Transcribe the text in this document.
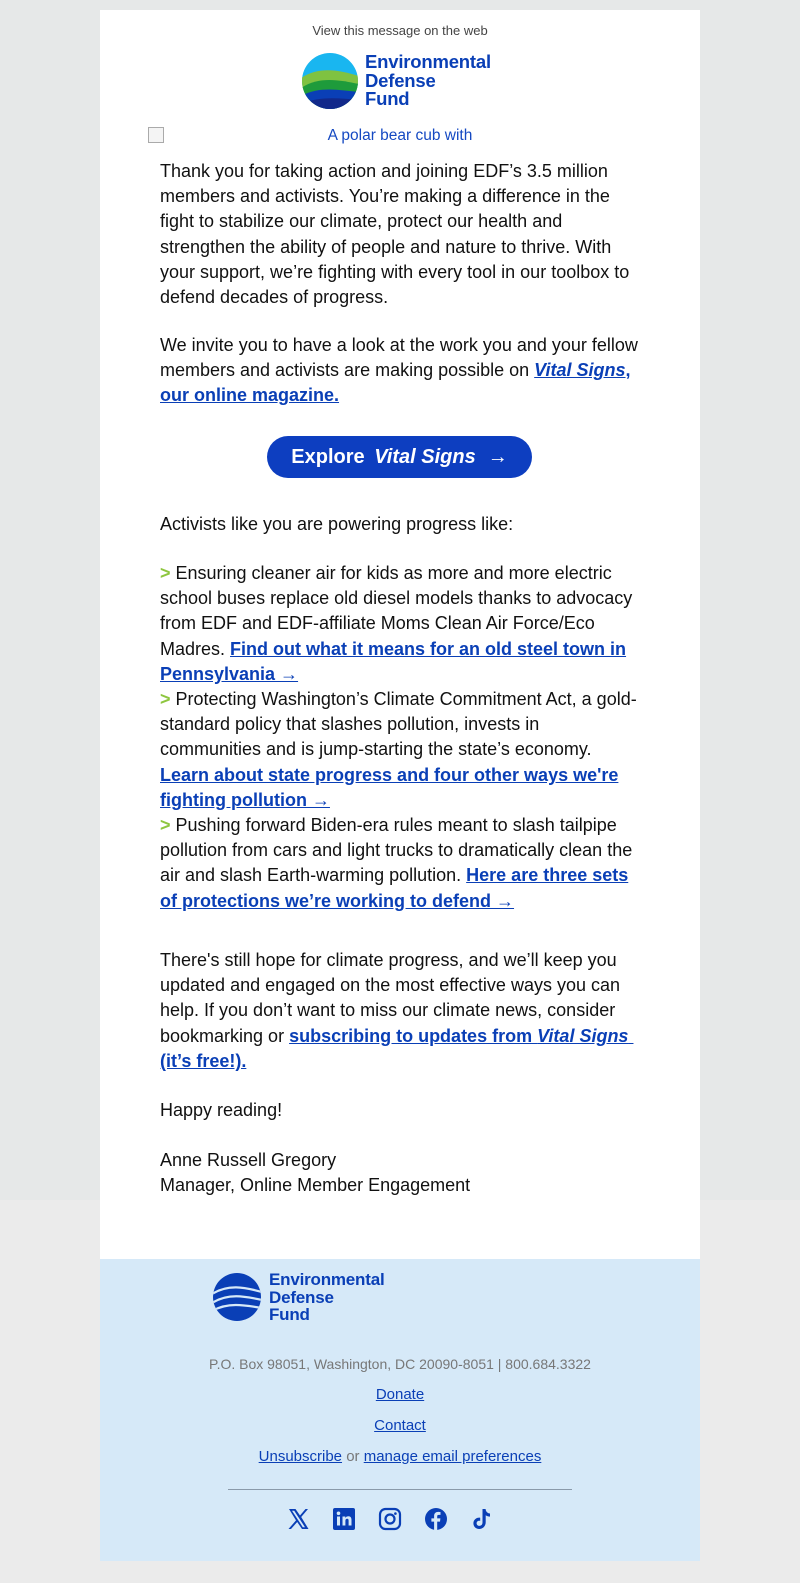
View this message on the web
Environmental
Defense
Fund
A polar bear cub with

Thank you for taking action and joining EDF’s 3.5 million members and activists. You’re making a difference in the fight to stabilize our climate, protect our health and strengthen the ability of people and nature to thrive. With your support, we’re fighting with every tool in our toolbox to defend decades of progress.

We invite you to have a look at the work you and your fellow members and activists are making possible on Vital Signs, our online magazine.

Explore Vital Signs →

Activists like you are powering progress like:

> Ensuring cleaner air for kids as more and more electric school buses replace old diesel models thanks to advocacy from EDF and EDF-affiliate Moms Clean Air Force/Eco Madres. Find out what it means for an old steel town in Pennsylvania →

> Protecting Washington’s Climate Commitment Act, a gold-standard policy that slashes pollution, invests in communities and is jump-starting the state’s economy. Learn about state progress and four other ways we're fighting pollution →

> Pushing forward Biden-era rules meant to slash tailpipe pollution from cars and light trucks to dramatically clean the air and slash Earth-warming pollution. Here are three sets of protections we’re working to defend →

There's still hope for climate progress, and we’ll keep you updated and engaged on the most effective ways you can help. If you don’t want to miss our climate news, consider bookmarking or subscribing to updates from Vital Signs (it’s free!).

Happy reading!

Anne Russell Gregory
Manager, Online Member Engagement

Environmental
Defense
Fund
P.O. Box 98051, Washington, DC 20090-8051 | 800.684.3322
Donate
Contact
Unsubscribe or manage email preferences
